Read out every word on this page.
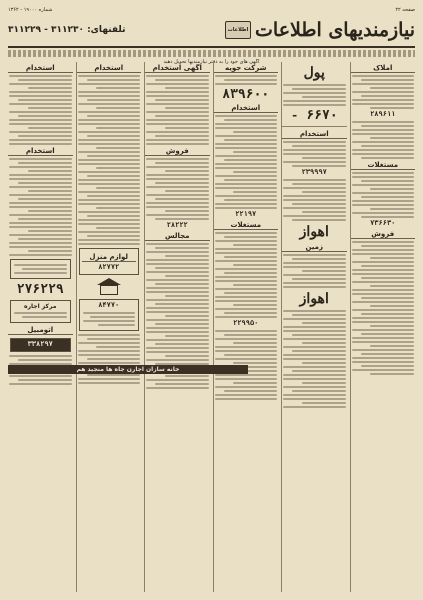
صفحه ۲۲
شماره ۱۹۰۰۰ - ۱۳۶۲
نیازمندیهای اطلاعات
اطلاعات
تلفنهای: ۳۱۱۲۳۰ - ۳۱۱۲۲۹
آگهی های خود را به دفتر نیازمندیها تحویل دهید
املاک
۲۸۹۶۱۱
مستغلات
۷۳۶۶۳۰
فروش
پول
۶۶۷۰ -
استخدام
۲۳۹۹۹۷
اهواز
زمین
اهواز
شرکت جویه
۸۳۹۶۰۰
استخدام
۲۲۱۹۷
مستغلات
۲۲۹۹۵۰
آگهی استخدام
فروش
۲۸۲۲۲
مجالس
استخدام
لوازم منزل
۸۲۷۷۲
۸۴۷۷۰
استخدام
استخدام
۲۷۶۲۲۹
مرکز اجاره
اتومبیل
۳۳۸۲۹۷
خانه سازان اجارن جاه ها منجید هم
